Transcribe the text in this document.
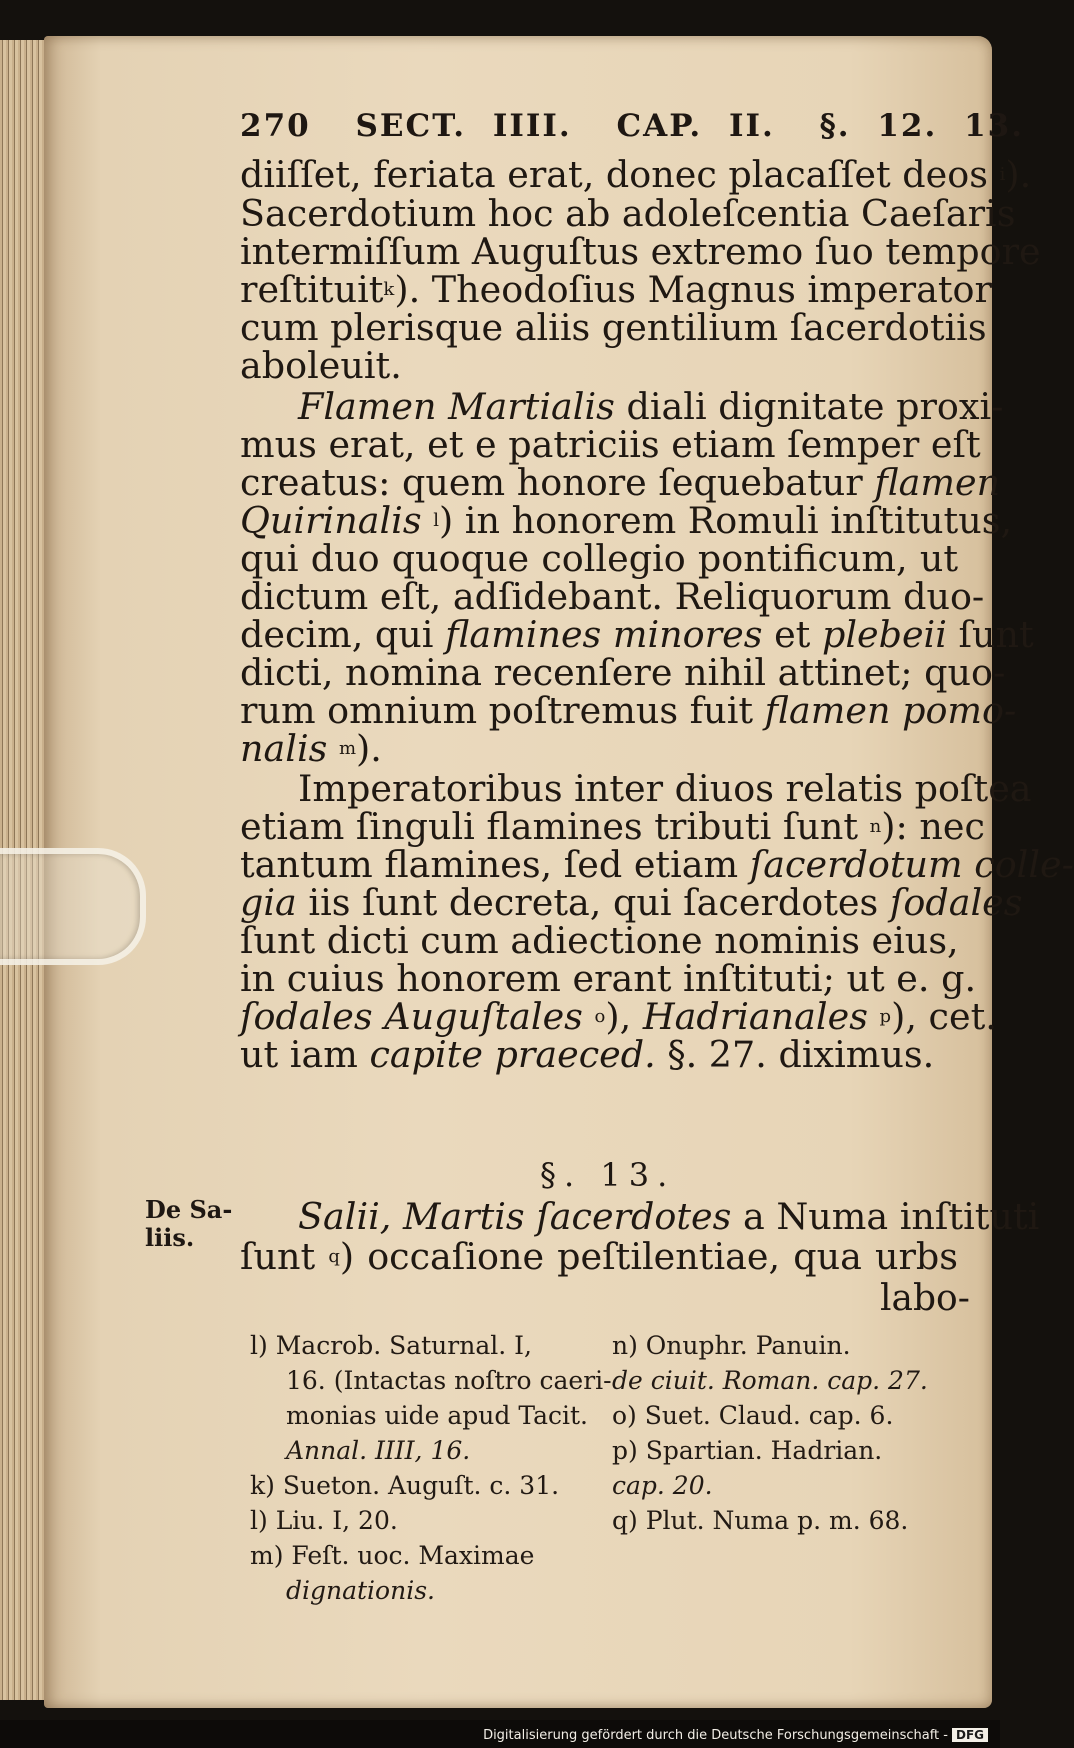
270 SECT. IIII. CAP. II. §. 12. 13.
diiſſet, feriata erat, donec placaſſet deos $^i$).
Sacerdotium hoc ab adoleſcentia Caeſaris
intermiſſum Auguſtus extremo ſuo tempore
reſtituit$^k$). Theodoſius Magnus imperator
cum plerisque aliis gentilium ſacerdotiis
aboleuit.
Flamen Martialis diali dignitate proxi-
mus erat, et e patriciis etiam ſemper eſt
creatus: quem honore ſequebatur flamen
Quirinalis $^l$) in honorem Romuli inſtitutus,
qui duo quoque collegio pontificum, ut
dictum eſt, adſidebant. Reliquorum duo-
decim, qui flamines minores et plebeii ſunt
dicti, nomina recenſere nihil attinet; quo-
rum omnium poſtremus fuit flamen pomo-
nalis $^m$).
Imperatoribus inter diuos relatis poſtea
etiam ſinguli flamines tributi ſunt $^n$): nec
tantum flamines, ſed etiam ſacerdotum colle-
gia iis ſunt decreta, qui ſacerdotes ſodales
ſunt dicti cum adiectione nominis eius,
in cuius honorem erant inſtituti; ut e. g.
ſodales Auguſtales $^o$), Hadrianales $^p$), cet.
ut iam capite praeced. §. 27. diximus.
§. 13.
De Sa-
liis.	Salii, Martis ſacerdotes a Numa inſtituti
ſunt $^q$) occaſione peſtilentiae, qua urbs
labo-

l) Macrob. Saturnal. I,

16. (Intactas noſtro caeri-

monias uide apud Tacit.

Annal. IIII, 16.

k) Sueton. Auguſt. c. 31.

l) Liu. I, 20.

m) Feſt. uoc. Maximae

dignationis.

n) Onuphr. Panuin.

de ciuit. Roman. cap. 27.

o) Suet. Claud. cap. 6.

p) Spartian. Hadrian.

cap. 20.

q) Plut. Numa p. m. 68.

Digitalisierung gefördert durch die Deutsche Forschungsgemeinschaft - DFG
